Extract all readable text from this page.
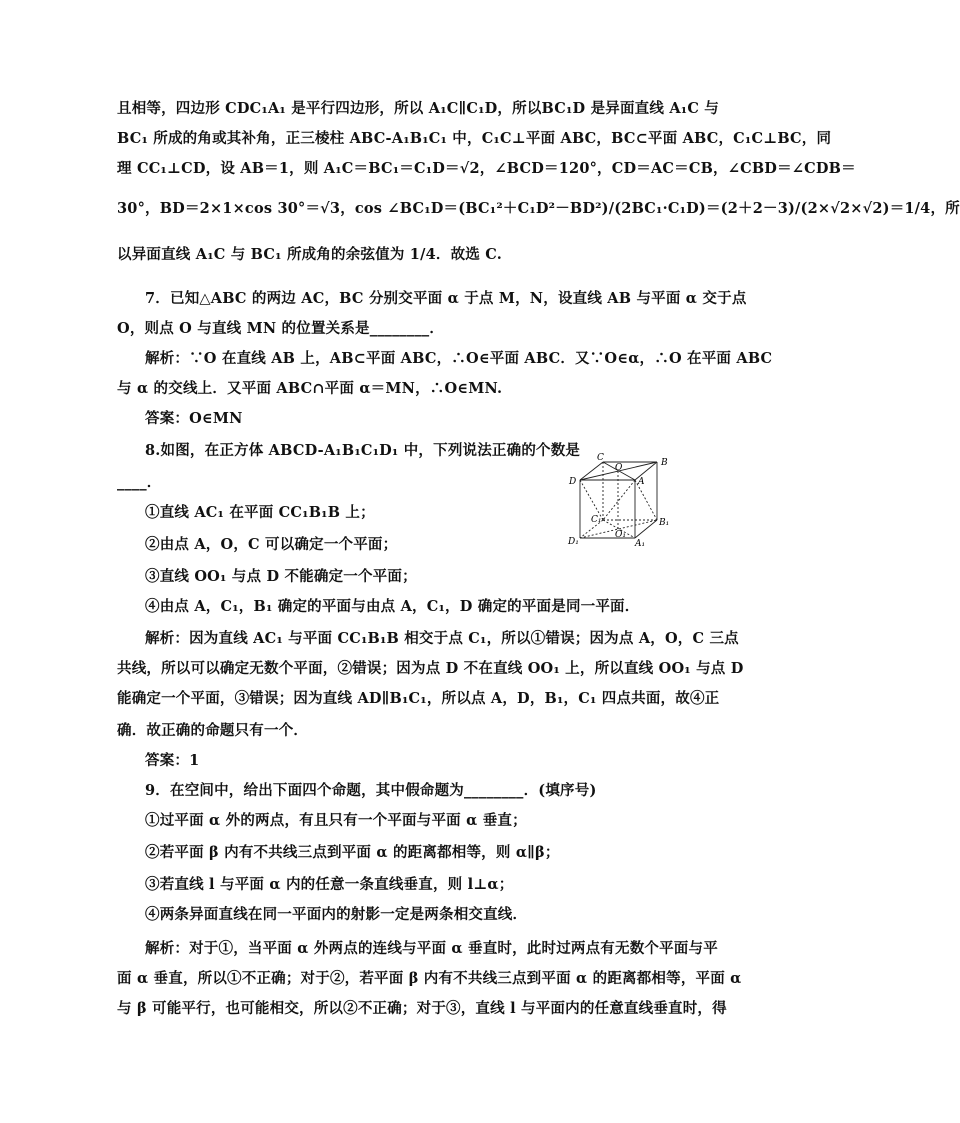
且相等，四边形 CDC₁A₁ 是平行四边形，所以 A₁C∥C₁D，所以BC₁D 是异面直线 A₁C 与
BC₁ 所成的角或其补角，正三棱柱 ABC-A₁B₁C₁ 中，C₁C⊥平面 ABC，BC⊂平面 ABC，C₁C⊥BC，同
理 CC₁⊥CD，设 AB＝1，则 A₁C＝BC₁＝C₁D＝√2，∠BCD＝120°，CD＝AC＝CB，∠CBD＝∠CDB＝
30°，BD＝2×1×cos 30°＝√3，cos ∠BC₁D＝(BC₁²＋C₁D²－BD²)/(2BC₁·C₁D)＝(2＋2－3)/(2×√2×√2)＝1/4，所
以异面直线 A₁C 与 BC₁ 所成角的余弦值为 1/4．故选 C.
7．已知△ABC 的两边 AC，BC 分别交平面 α 于点 M，N，设直线 AB 与平面 α 交于点
O，则点 O 与直线 MN 的位置关系是________．
解析：∵O 在直线 AB 上，AB⊂平面 ABC，∴O∈平面 ABC．又∵O∈α，∴O 在平面 ABC
与 α 的交线上．又平面 ABC∩平面 α＝MN，∴O∈MN.
答案：O∈MN
8.如图，在正方体 ABCD-A₁B₁C₁D₁ 中，下列说法正确的个数是
____．
①直线 AC₁ 在平面 CC₁B₁B 上；
②由点 A，O，C 可以确定一个平面；
③直线 OO₁ 与点 D 不能确定一个平面；
④由点 A，C₁，B₁ 确定的平面与由点 A，C₁，D 确定的平面是同一平面．
解析：因为直线 AC₁ 与平面 CC₁B₁B 相交于点 C₁，所以①错误；因为点 A，O，C 三点
共线，所以可以确定无数个平面，②错误；因为点 D 不在直线 OO₁ 上，所以直线 OO₁ 与点 D
能确定一个平面，③错误；因为直线 AD∥B₁C₁，所以点 A，D，B₁，C₁ 四点共面，故④正
确．故正确的命题只有一个．
答案：1
9．在空间中，给出下面四个命题，其中假命题为________．(填序号)
①过平面 α 外的两点，有且只有一个平面与平面 α 垂直；
②若平面 β 内有不共线三点到平面 α 的距离都相等，则 α∥β；
③若直线 l 与平面 α 内的任意一条直线垂直，则 l⊥α；
④两条异面直线在同一平面内的射影一定是两条相交直线．
解析：对于①，当平面 α 外两点的连线与平面 α 垂直时，此时过两点有无数个平面与平
面 α 垂直，所以①不正确；对于②，若平面 β 内有不共线三点到平面 α 的距离都相等，平面 α
与 β 可能平行，也可能相交，所以②不正确；对于③，直线 l 与平面内的任意直线垂直时，得
C
O	B
D	A
C₁	B₁
D₁
O₁
A₁
